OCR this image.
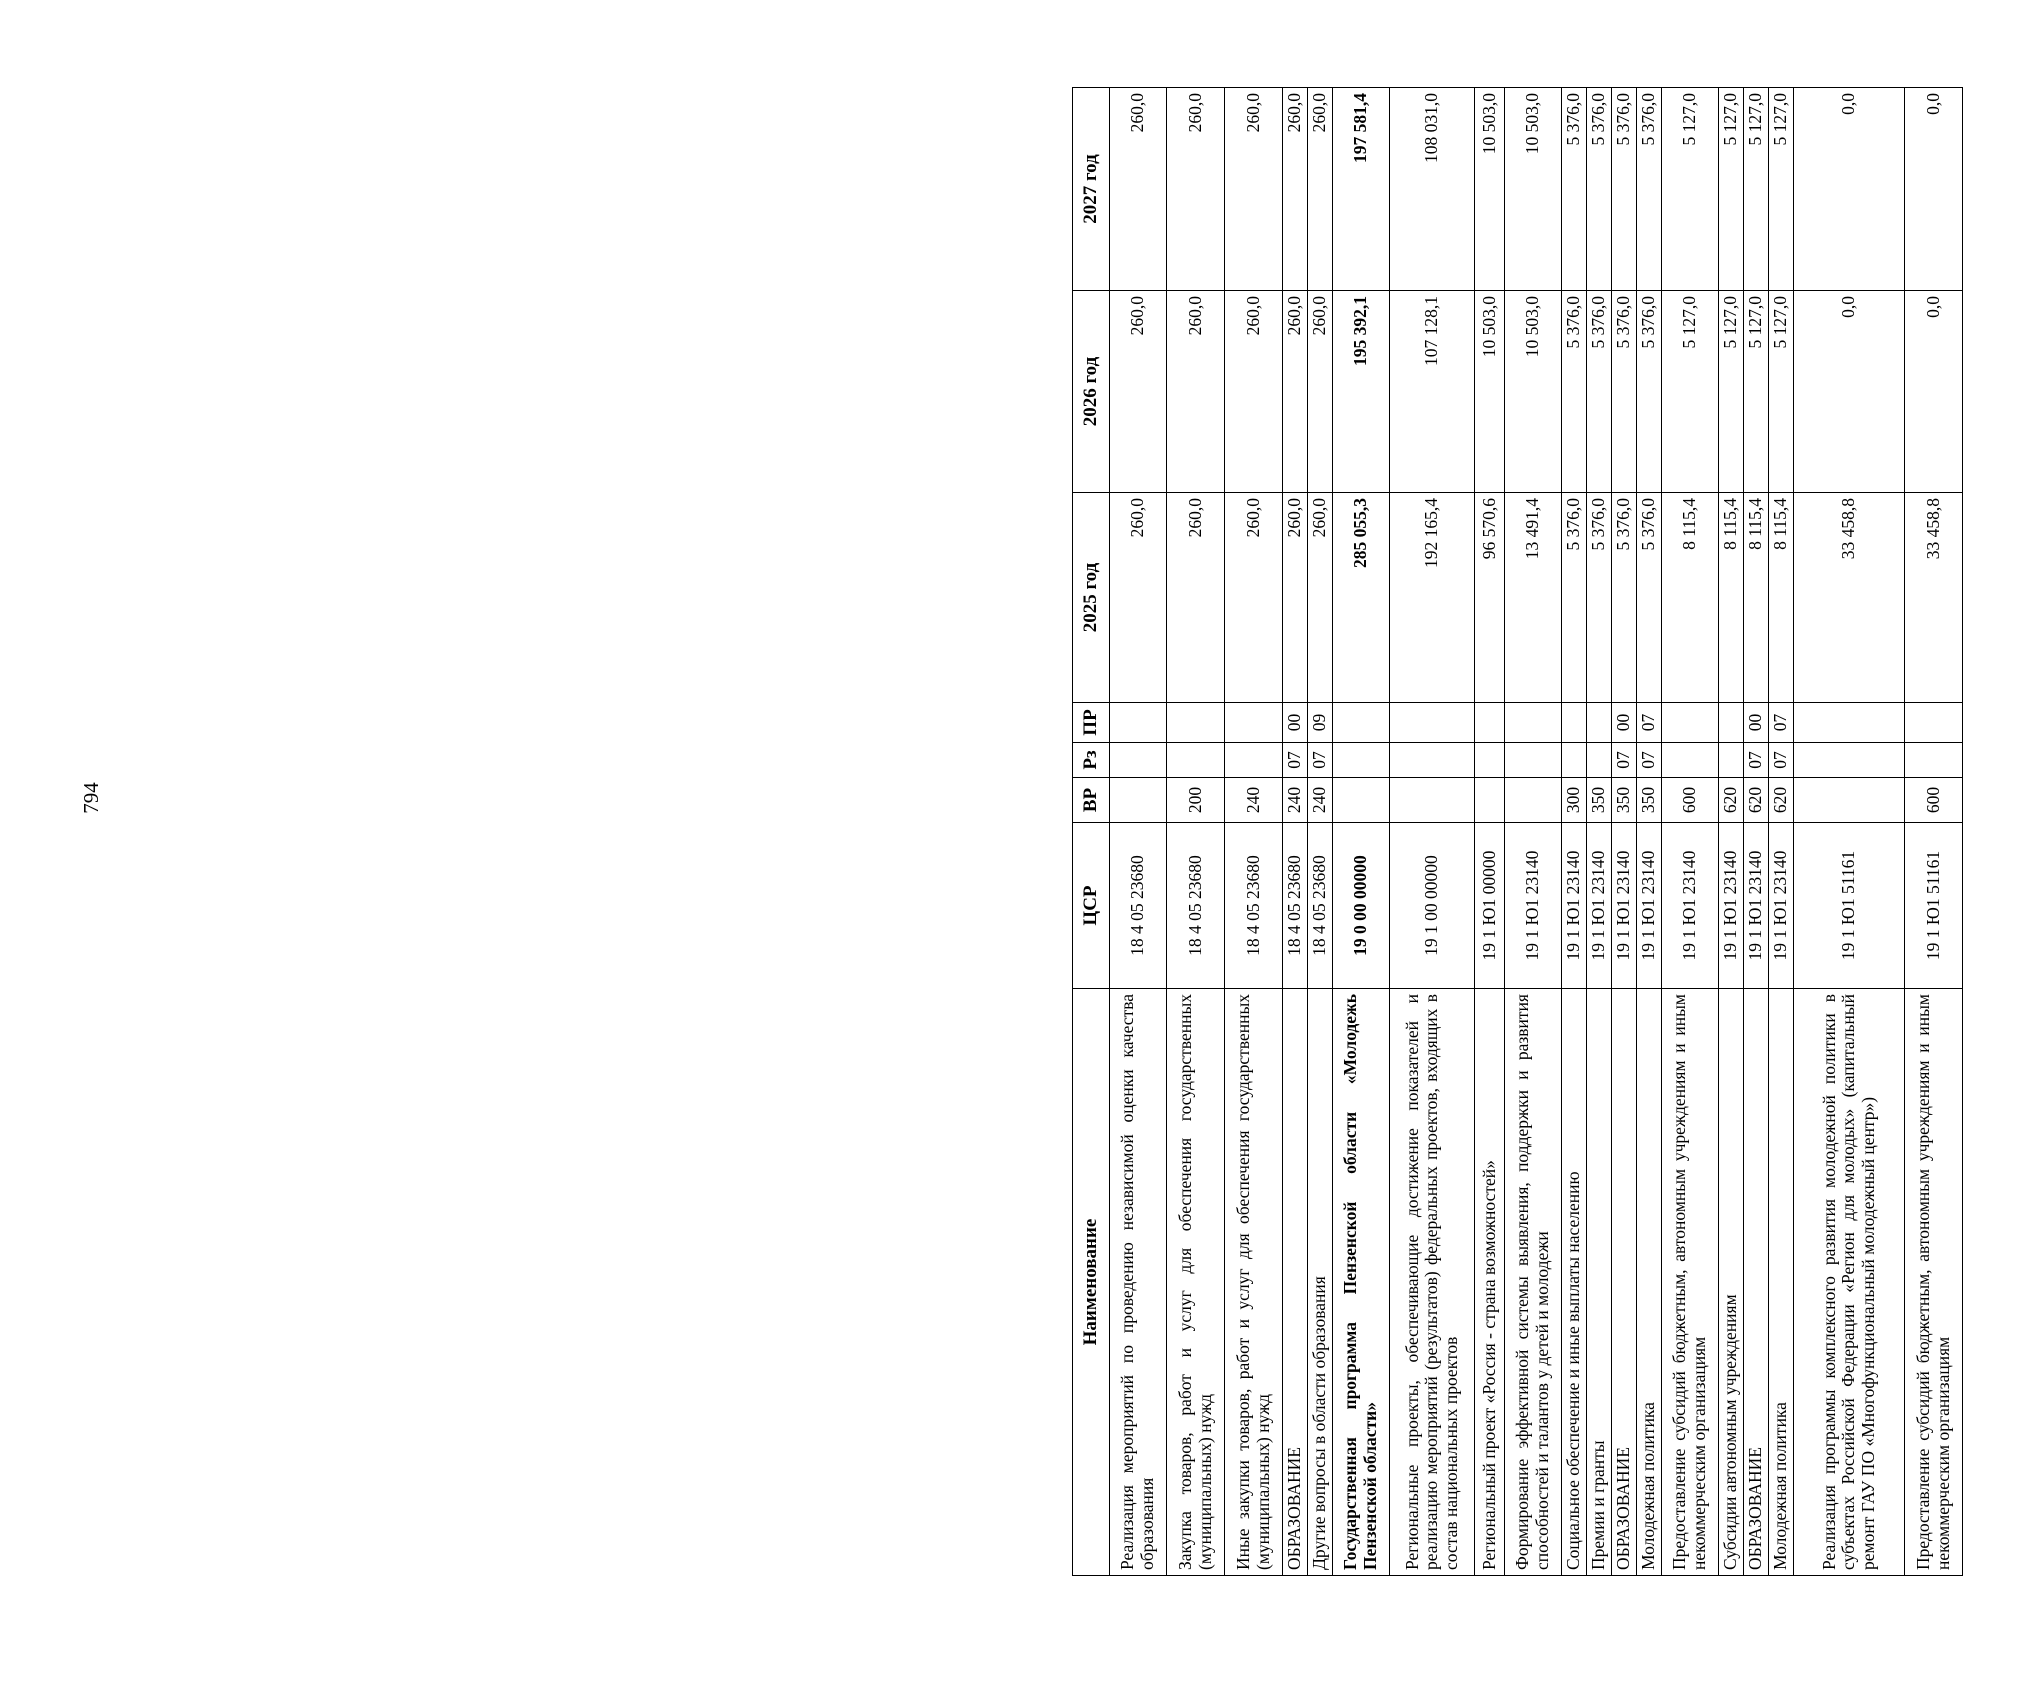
794
Наименование	ЦСР	ВР	Рз	ПР	2025 год	2026 год	2027 год
Реализация мероприятий по проведению независимой оценки качества образования	18 4 05 23680				260,0	260,0	260,0
Закупка товаров, работ и услуг для обеспечения государственных (муниципальных) нужд	18 4 05 23680	200			260,0	260,0	260,0
Иные закупки товаров, работ и услуг для обеспечения государственных (муниципальных) нужд	18 4 05 23680	240			260,0	260,0	260,0
ОБРАЗОВАНИЕ	18 4 05 23680	240	07	00	260,0	260,0	260,0
Другие вопросы в области образования	18 4 05 23680	240	07	09	260,0	260,0	260,0
Государственная программа Пензенской области «Молодежь Пензенской области»	19 0 00 00000				285 055,3	195 392,1	197 581,4
Региональные проекты, обеспечивающие достижение показателей и реализацию мероприятий (результатов) федеральных проектов, входящих в состав национальных проектов	19 1 00 00000				192 165,4	107 128,1	108 031,0
Региональный проект «Россия - страна возможностей»	19 1 Ю1 00000				96 570,6	10 503,0	10 503,0
Формирование эффективной системы выявления, поддержки и развития способностей и талантов у детей и молодежи	19 1 Ю1 23140				13 491,4	10 503,0	10 503,0
Социальное обеспечение и иные выплаты населению	19 1 Ю1 23140	300			5 376,0	5 376,0	5 376,0
Премии и гранты	19 1 Ю1 23140	350			5 376,0	5 376,0	5 376,0
ОБРАЗОВАНИЕ	19 1 Ю1 23140	350	07	00	5 376,0	5 376,0	5 376,0
Молодежная политика	19 1 Ю1 23140	350	07	07	5 376,0	5 376,0	5 376,0
Предоставление субсидий бюджетным, автономным учреждениям и иным некоммерческим организациям	19 1 Ю1 23140	600			8 115,4	5 127,0	5 127,0
Субсидии автономным учреждениям	19 1 Ю1 23140	620			8 115,4	5 127,0	5 127,0
ОБРАЗОВАНИЕ	19 1 Ю1 23140	620	07	00	8 115,4	5 127,0	5 127,0
Молодежная политика	19 1 Ю1 23140	620	07	07	8 115,4	5 127,0	5 127,0
Реализация программы комплексного развития молодежной политики в субъектах Российской Федерации «Регион для молодых» (капитальный ремонт ГАУ ПО «Многофункциональный молодежный центр»)	19 1 Ю1 51161				33 458,8	0,0	0,0
Предоставление субсидий бюджетным, автономным учреждениям и иным некоммерческим организациям	19 1 Ю1 51161	600			33 458,8	0,0	0,0
